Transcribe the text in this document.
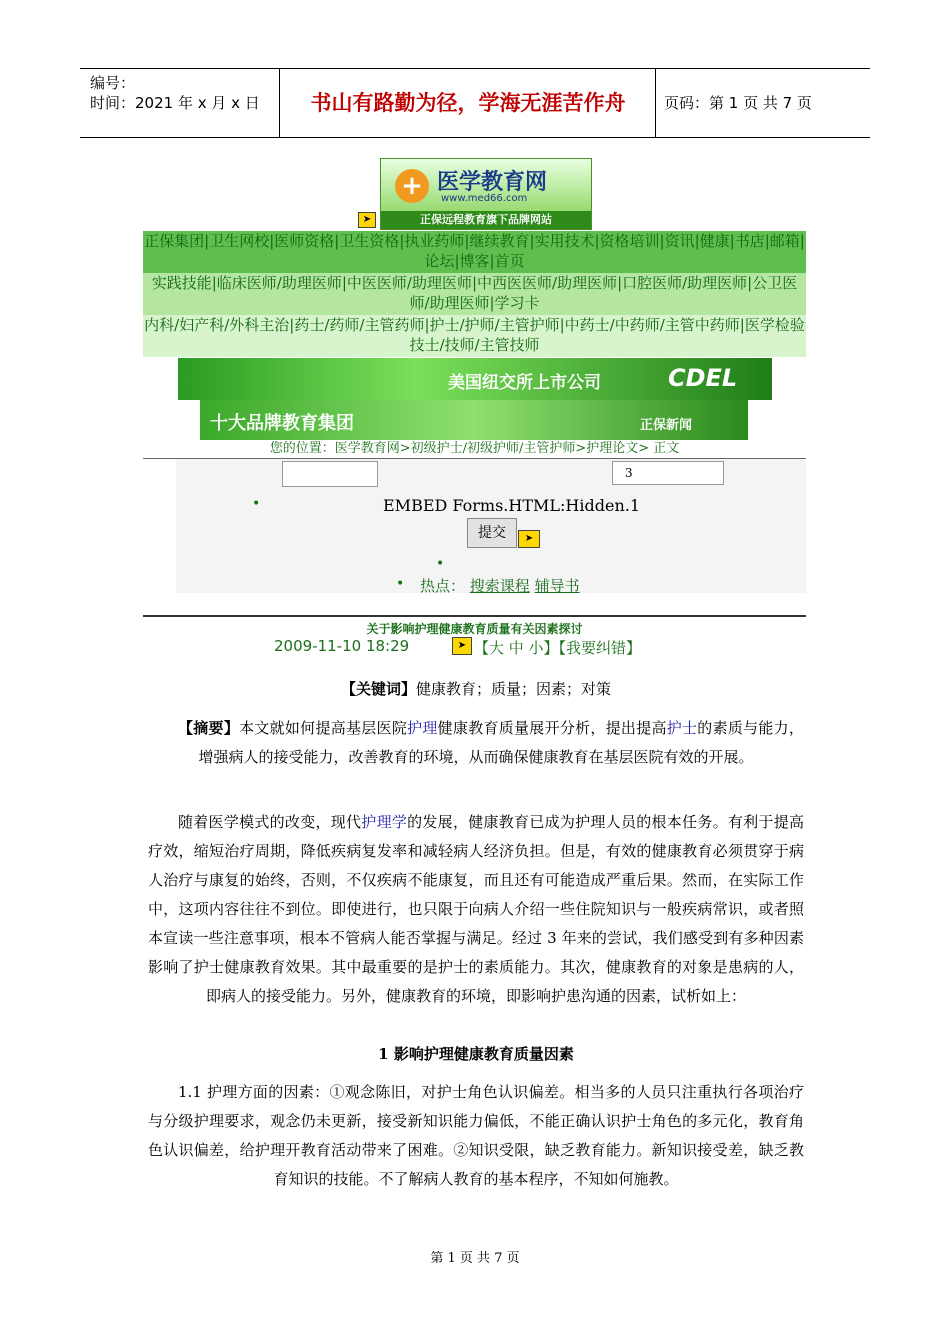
编号：
时间：2021 年 x 月 x 日	书山有路勤为径，学海无涯苦作舟	页码：第 1 页 共 7 页
+ 医学教育网
www.med66.com
正保远程教育旗下品牌网站
➤
正保集团|卫生网校|医师资格|卫生资格|执业药师|继续教育|实用技术|资格培训|资讯|健康|书店|邮箱|论坛|博客|首页
实践技能|临床医师/助理医师|中医医师/助理医师|中西医医师/助理医师|口腔医师/助理医师|公卫医师/助理医师|学习卡
内科/妇产科/外科主治|药士/药师/主管药师|护士/护师/主管护师|中药士/中药师/主管中药师|医学检验技士/技师/主管技师
美国纽交所上市公司	CDEL
十大品牌教育集团	正保新闻
您的位置：医学教育网>初级护士/初级护师/主管护师>护理论文> 正文
3
•	EMBED Forms.HTML:Hidden.1
提交	➤
•
• 热点： 搜索课程 辅导书
关于影响护理健康教育质量有关因素探讨
2009-11-10 18:29	➤ 【大 中 小】【我要纠错】
【关键词】健康教育；质量；因素；对策
【摘要】本文就如何提高基层医院护理健康教育质量展开分析，提出提高护士的素质与能力，增强病人的接受能力，改善教育的环境，从而确保健康教育在基层医院有效的开展。
随着医学模式的改变，现代护理学的发展，健康教育已成为护理人员的根本任务。有利于提高疗效，缩短治疗周期，降低疾病复发率和减轻病人经济负担。但是，有效的健康教育必须贯穿于病人治疗与康复的始终，否则，不仅疾病不能康复，而且还有可能造成严重后果。然而，在实际工作中，这项内容往往不到位。即使进行，也只限于向病人介绍一些住院知识与一般疾病常识，或者照本宣读一些注意事项，根本不管病人能否掌握与满足。经过 3 年来的尝试，我们感受到有多种因素影响了护士健康教育效果。其中最重要的是护士的素质能力。其次，健康教育的对象是患病的人，即病人的接受能力。另外，健康教育的环境，即影响护患沟通的因素，试析如上：
1 影响护理健康教育质量因素
1.1 护理方面的因素：①观念陈旧，对护士角色认识偏差。相当多的人员只注重执行各项治疗与分级护理要求，观念仍未更新，接受新知识能力偏低，不能正确认识护士角色的多元化，教育角色认识偏差，给护理开教育活动带来了困难。②知识受限，缺乏教育能力。新知识接受差，缺乏教育知识的技能。不了解病人教育的基本程序，不知如何施教。
第 1 页 共 7 页
